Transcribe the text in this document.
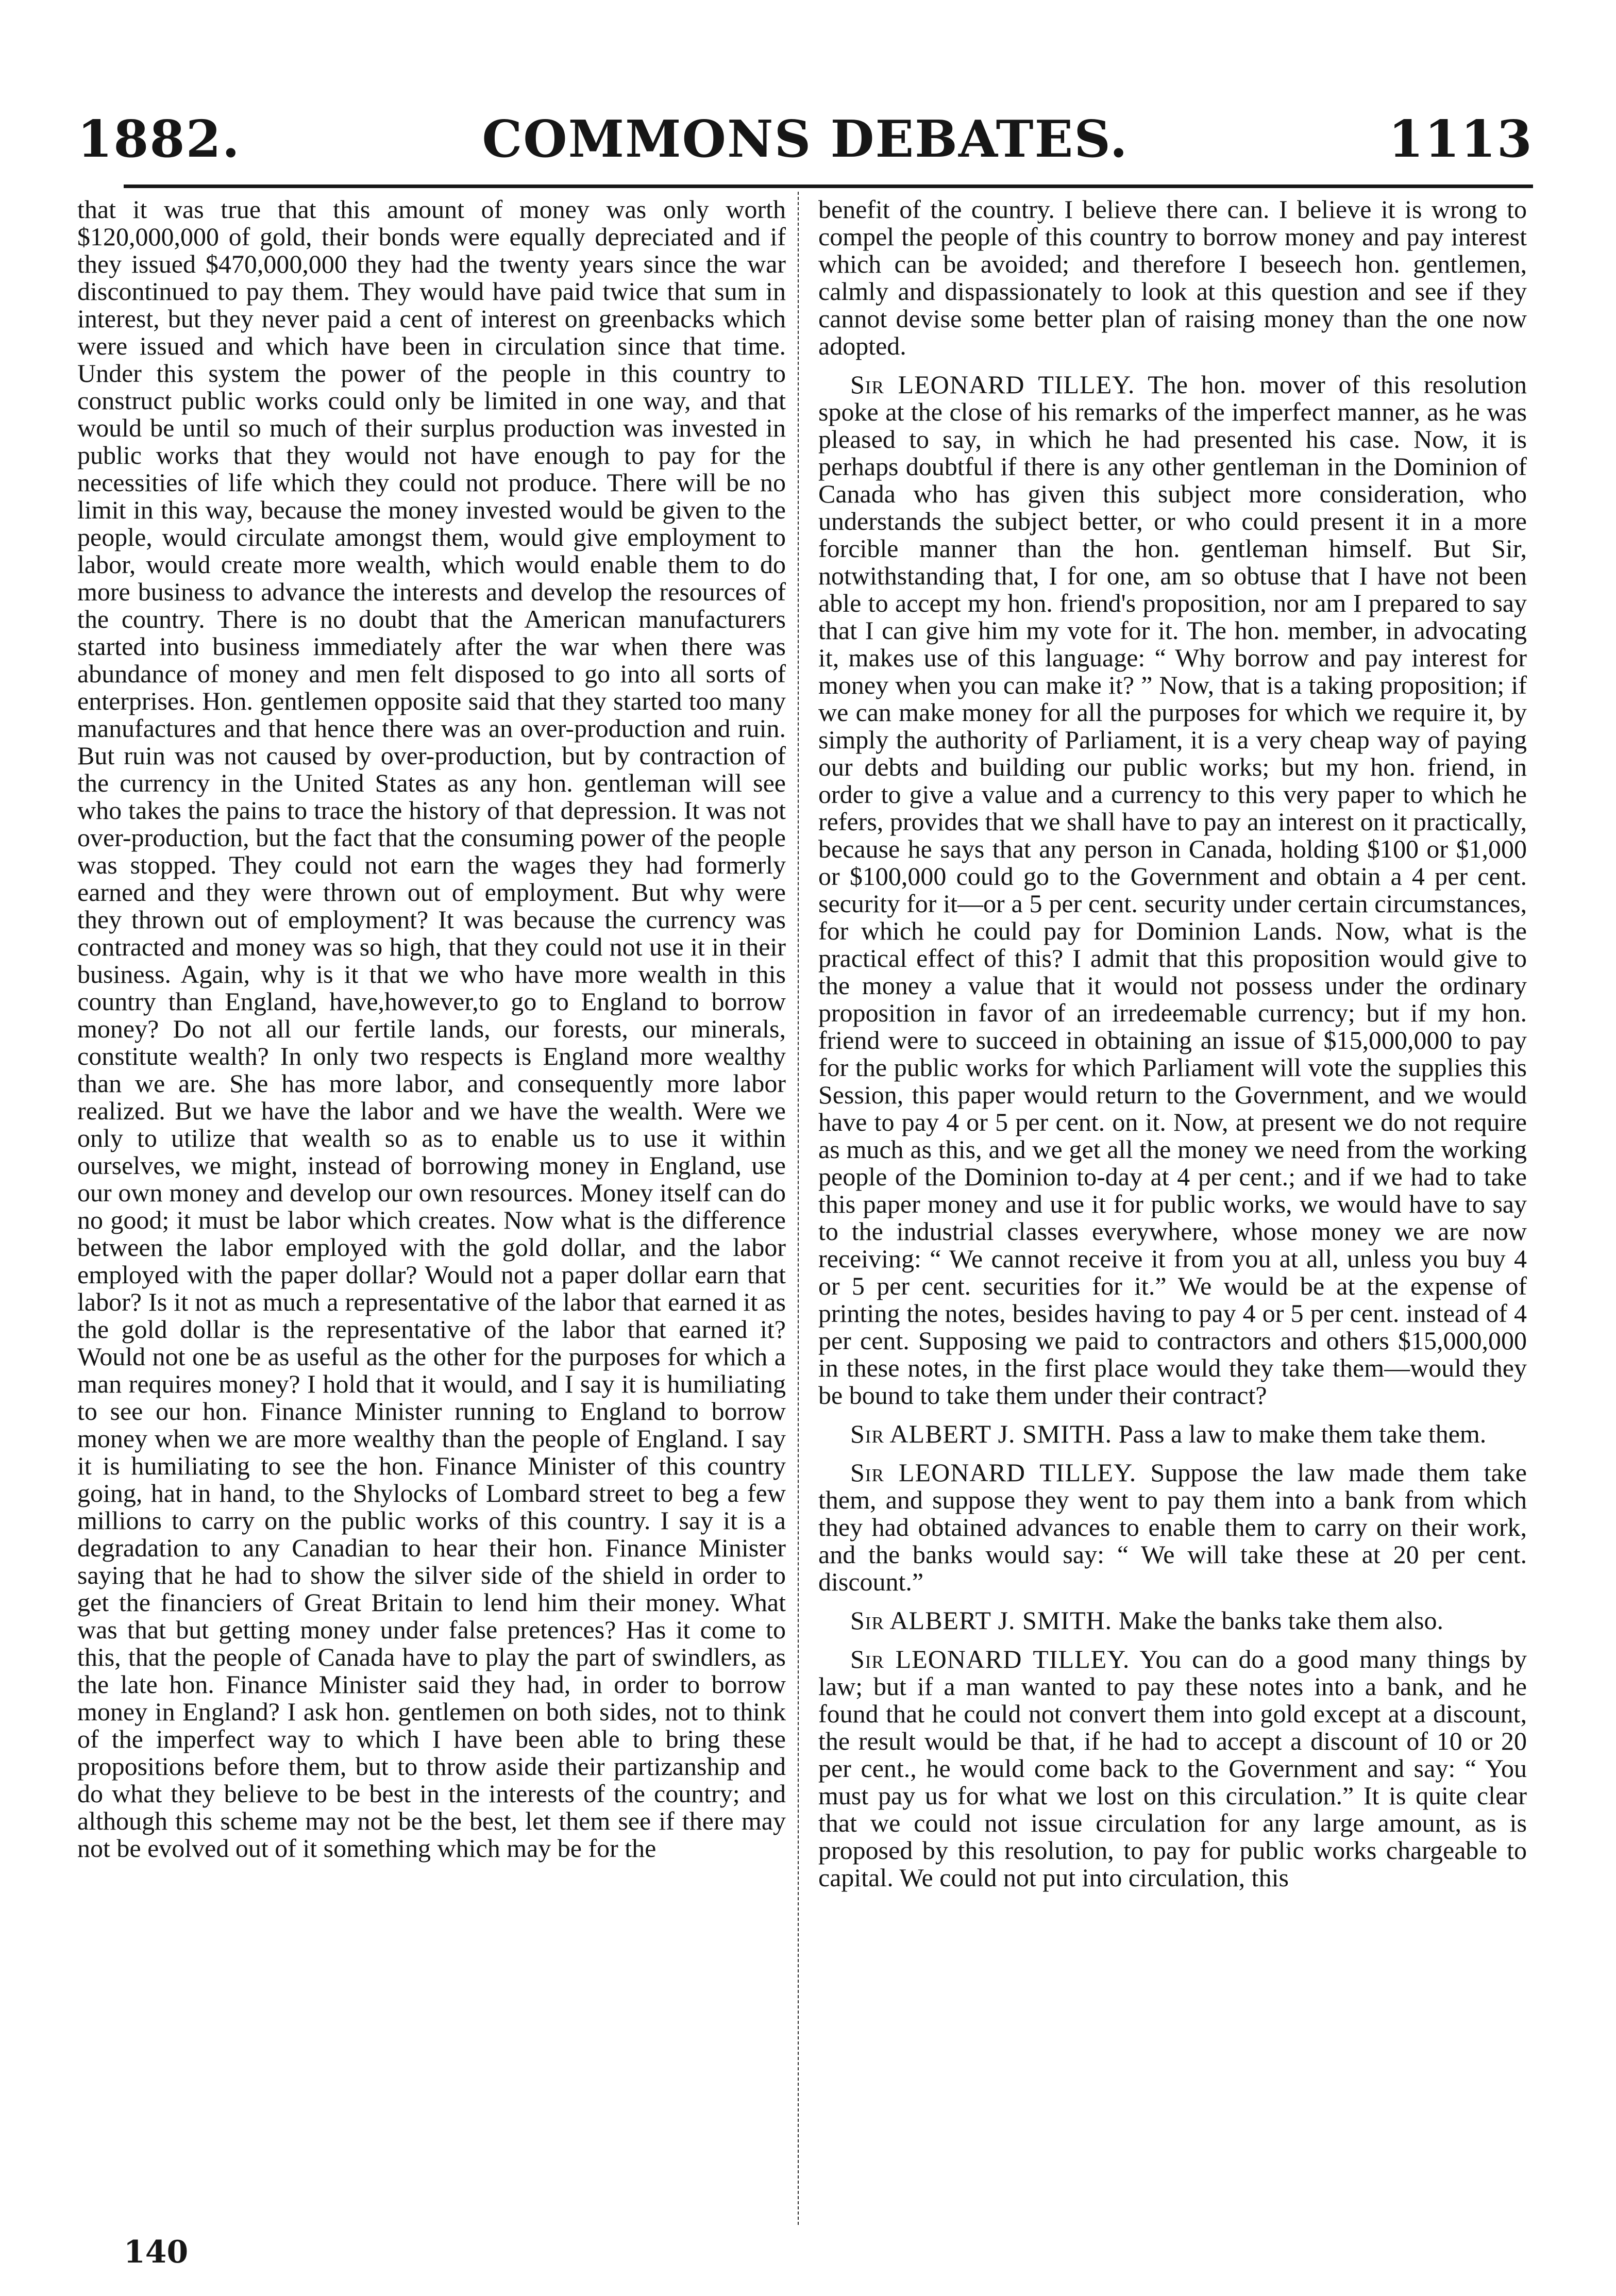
1882.	COMMONS DEBATES.	1113

that it was true that this amount of money was only worth $120,000,000 of gold, their bonds were equally depreciated and if they issued $470,000,000 they had the twenty years since the war discontinued to pay them. They would have paid twice that sum in interest, but they never paid a cent of interest on greenbacks which were issued and which have been in circulation since that time. Under this system the power of the people in this country to construct public works could only be limited in one way, and that would be until so much of their surplus production was invested in public works that they would not have enough to pay for the necessities of life which they could not produce. There will be no limit in this way, because the money invested would be given to the people, would circulate amongst them, would give employment to labor, would create more wealth, which would enable them to do more business to advance the interests and develop the resources of the country. There is no doubt that the American manufacturers started into business immediately after the war when there was abundance of money and men felt disposed to go into all sorts of enterprises. Hon. gentlemen opposite said that they started too many manufactures and that hence there was an over-production and ruin. But ruin was not caused by over-production, but by contraction of the currency in the United States as any hon. gentleman will see who takes the pains to trace the history of that depression. It was not over-production, but the fact that the consuming power of the people was stopped. They could not earn the wages they had formerly earned and they were thrown out of employment. But why were they thrown out of employment? It was because the currency was contracted and money was so high, that they could not use it in their business. Again, why is it that we who have more wealth in this country than England, have,however,to go to England to borrow money? Do not all our fertile lands, our forests, our minerals, constitute wealth? In only two respects is England more wealthy than we are. She has more labor, and consequently more labor realized. But we have the labor and we have the wealth. Were we only to utilize that wealth so as to enable us to use it within ourselves, we might, instead of borrowing money in England, use our own money and develop our own resources. Money itself can do no good; it must be labor which creates. Now what is the difference between the labor employed with the gold dollar, and the labor employed with the paper dollar? Would not a paper dollar earn that labor? Is it not as much a representative of the labor that earned it as the gold dollar is the representative of the labor that earned it? Would not one be as useful as the other for the purposes for which a man requires money? I hold that it would, and I say it is humiliating to see our hon. Finance Minister running to England to borrow money when we are more wealthy than the people of England. I say it is humiliating to see the hon. Finance Minister of this country going, hat in hand, to the Shylocks of Lombard street to beg a few millions to carry on the public works of this country. I say it is a degradation to any Canadian to hear their hon. Finance Minister saying that he had to show the silver side of the shield in order to get the financiers of Great Britain to lend him their money. What was that but getting money under false pretences? Has it come to this, that the people of Canada have to play the part of swindlers, as the late hon. Finance Minister said they had, in order to borrow money in England? I ask hon. gentlemen on both sides, not to think of the imperfect way to which I have been able to bring these propositions before them, but to throw aside their partizanship and do what they believe to be best in the interests of the country; and although this scheme may not be the best, let them see if there may not be evolved out of it something which may be for the

benefit of the country. I believe there can. I believe it is wrong to compel the people of this country to borrow money and pay interest which can be avoided; and therefore I beseech hon. gentlemen, calmly and dispassionately to look at this question and see if they cannot devise some better plan of raising money than the one now adopted.

Sir LEONARD TILLEY. The hon. mover of this resolution spoke at the close of his remarks of the imperfect manner, as he was pleased to say, in which he had presented his case. Now, it is perhaps doubtful if there is any other gentleman in the Dominion of Canada who has given this subject more consideration, who understands the subject better, or who could present it in a more forcible manner than the hon. gentleman himself. But Sir, notwithstanding that, I for one, am so obtuse that I have not been able to accept my hon. friend's proposition, nor am I prepared to say that I can give him my vote for it. The hon. member, in advocating it, makes use of this language: “ Why borrow and pay interest for money when you can make it? ” Now, that is a taking proposition; if we can make money for all the purposes for which we require it, by simply the authority of Parliament, it is a very cheap way of paying our debts and building our public works; but my hon. friend, in order to give a value and a currency to this very paper to which he refers, provides that we shall have to pay an interest on it practically, because he says that any person in Canada, holding $100 or $1,000 or $100,000 could go to the Government and obtain a 4 per cent. security for it—or a 5 per cent. security under certain circumstances, for which he could pay for Dominion Lands. Now, what is the practical effect of this? I admit that this proposition would give to the money a value that it would not possess under the ordinary proposition in favor of an irredeemable currency; but if my hon. friend were to succeed in obtaining an issue of $15,000,000 to pay for the public works for which Parliament will vote the supplies this Session, this paper would return to the Government, and we would have to pay 4 or 5 per cent. on it. Now, at present we do not require as much as this, and we get all the money we need from the working people of the Dominion to-day at 4 per cent.; and if we had to take this paper money and use it for public works, we would have to say to the industrial classes everywhere, whose money we are now receiving: “ We cannot receive it from you at all, unless you buy 4 or 5 per cent. securities for it.” We would be at the expense of printing the notes, besides having to pay 4 or 5 per cent. instead of 4 per cent. Supposing we paid to contractors and others $15,000,000 in these notes, in the first place would they take them—would they be bound to take them under their contract?

Sir ALBERT J. SMITH. Pass a law to make them take them.

Sir LEONARD TILLEY. Suppose the law made them take them, and suppose they went to pay them into a bank from which they had obtained advances to enable them to carry on their work, and the banks would say: “ We will take these at 20 per cent. discount.”

Sir ALBERT J. SMITH. Make the banks take them also.

Sir LEONARD TILLEY. You can do a good many things by law; but if a man wanted to pay these notes into a bank, and he found that he could not convert them into gold except at a discount, the result would be that, if he had to accept a discount of 10 or 20 per cent., he would come back to the Government and say: “ You must pay us for what we lost on this circulation.” It is quite clear that we could not issue circulation for any large amount, as is proposed by this resolution, to pay for public works chargeable to capital. We could not put into circulation, this

140
